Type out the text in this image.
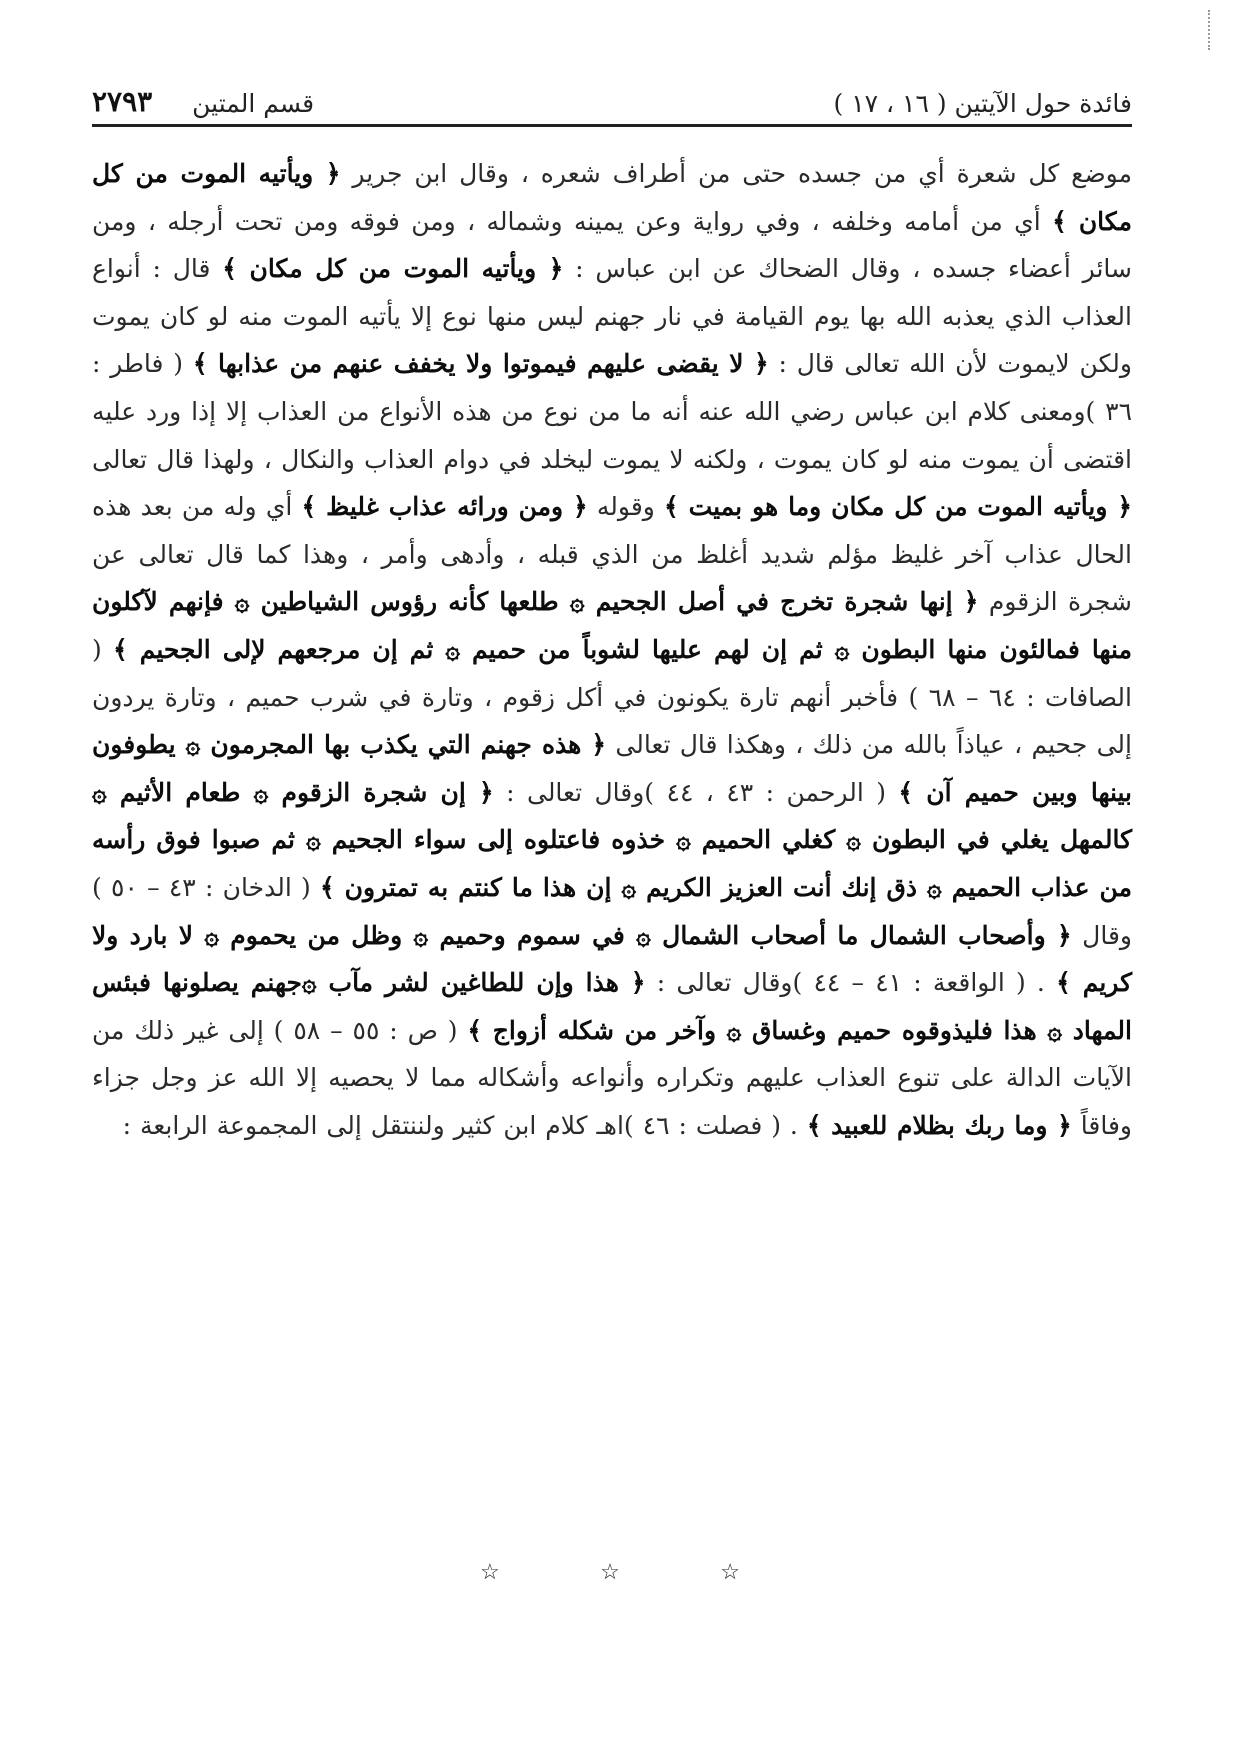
فائدة حول الآيتين ( ١٦ ، ١٧ )
قسم المتين
٢٧٩٣

موضع كل شعرة أي من جسده حتى من أطراف شعره ، وقال ابن جرير ﴿ ويأتيه الموت من كل مكان ﴾ أي من أمامه وخلفه ، وفي رواية وعن يمينه وشماله ، ومن فوقه ومن تحت أرجله ، ومن سائر أعضاء جسده ، وقال الضحاك عن ابن عباس : ﴿ ويأتيه الموت من كل مكان ﴾ قال : أنواع العذاب الذي يعذبه الله بها يوم القيامة في نار جهنم ليس منها نوع إلا يأتيه الموت منه لو كان يموت ولكن لايموت لأن الله تعالى قال : ﴿ لا يقضى عليهم فيموتوا ولا يخفف عنهم من عذابها ﴾ ( فاطر : ٣٦ )ومعنى كلام ابن عباس رضي الله عنه أنه ما من نوع من هذه الأنواع من العذاب إلا إذا ورد عليه اقتضى أن يموت منه لو كان يموت ، ولكنه لا يموت ليخلد في دوام العذاب والنكال ، ولهذا قال تعالى ﴿ ويأتيه الموت من كل مكان وما هو بميت ﴾ وقوله ﴿ ومن ورائه عذاب غليظ ﴾ أي وله من بعد هذه الحال عذاب آخر غليظ مؤلم شديد أغلظ من الذي قبله ، وأدهى وأمر ، وهذا كما قال تعالى عن شجرة الزقوم ﴿ إنها شجرة تخرج في أصل الجحيم ۞ طلعها كأنه رؤوس الشياطين ۞ فإنهم لآكلون منها فمالئون منها البطون ۞ ثم إن لهم عليها لشوباً من حميم ۞ ثم إن مرجعهم لإلى الجحيم ﴾ ( الصافات : ٦٤ – ٦٨ ) فأخبر أنهم تارة يكونون في أكل زقوم ، وتارة في شرب حميم ، وتارة يردون إلى جحيم ، عياذاً بالله من ذلك ، وهكذا قال تعالى ﴿ هذه جهنم التي يكذب بها المجرمون ۞ يطوفون بينها وبين حميم آن ﴾ ( الرحمن : ٤٣ ، ٤٤ )وقال تعالى : ﴿ إن شجرة الزقوم ۞ طعام الأثيم ۞ كالمهل يغلي في البطون ۞ كغلي الحميم ۞ خذوه فاعتلوه إلى سواء الجحيم ۞ ثم صبوا فوق رأسه من عذاب الحميم ۞ ذق إنك أنت العزيز الكريم ۞ إن هذا ما كنتم به تمترون ﴾ ( الدخان : ٤٣ – ٥٠ ) وقال ﴿ وأصحاب الشمال ما أصحاب الشمال ۞ في سموم وحميم ۞ وظل من يحموم ۞ لا بارد ولا كريم ﴾ . ( الواقعة : ٤١ – ٤٤ )وقال تعالى : ﴿ هذا وإن للطاغين لشر مآب ۞جهنم يصلونها فبئس المهاد ۞ هذا فليذوقوه حميم وغساق ۞ وآخر من شكله أزواج ﴾ ( ص : ٥٥ – ٥٨ ) إلى غير ذلك من الآيات الدالة على تنوع العذاب عليهم وتكراره وأنواعه وأشكاله مما لا يحصيه إلا الله عز وجل جزاء وفاقاً ﴿ وما ربك بظلام للعبيد ﴾ . ( فصلت : ٤٦ )اهـ كلام ابن كثير ولننتقل إلى المجموعة الرابعة :

☆	☆	☆
